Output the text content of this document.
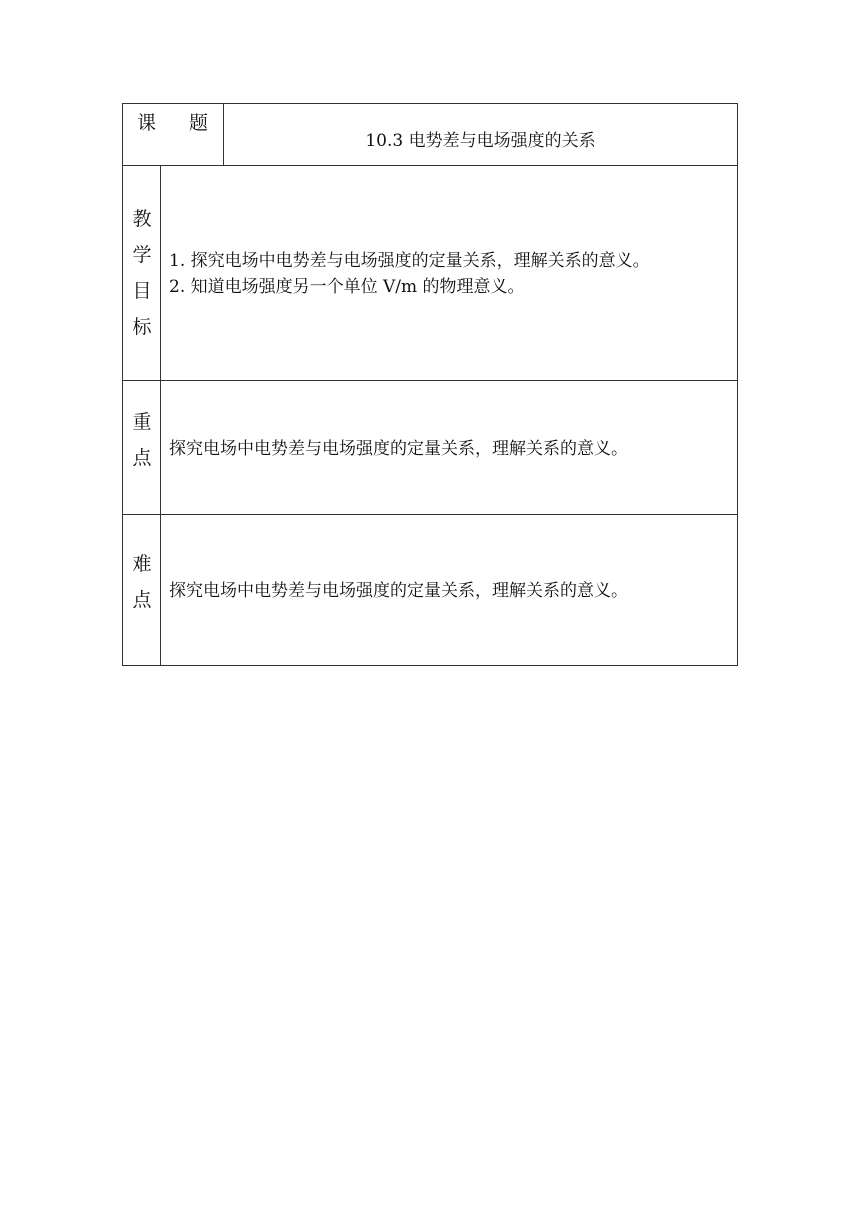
课 题
10.3 电势差与电场强度的关系
教
学
目
标
1. 探究电场中电势差与电场强度的定量关系，理解关系的意义。
2. 知道电场强度另一个单位 V/m 的物理意义。
重
点	探究电场中电势差与电场强度的定量关系，理解关系的意义。
难
点	探究电场中电势差与电场强度的定量关系，理解关系的意义。
